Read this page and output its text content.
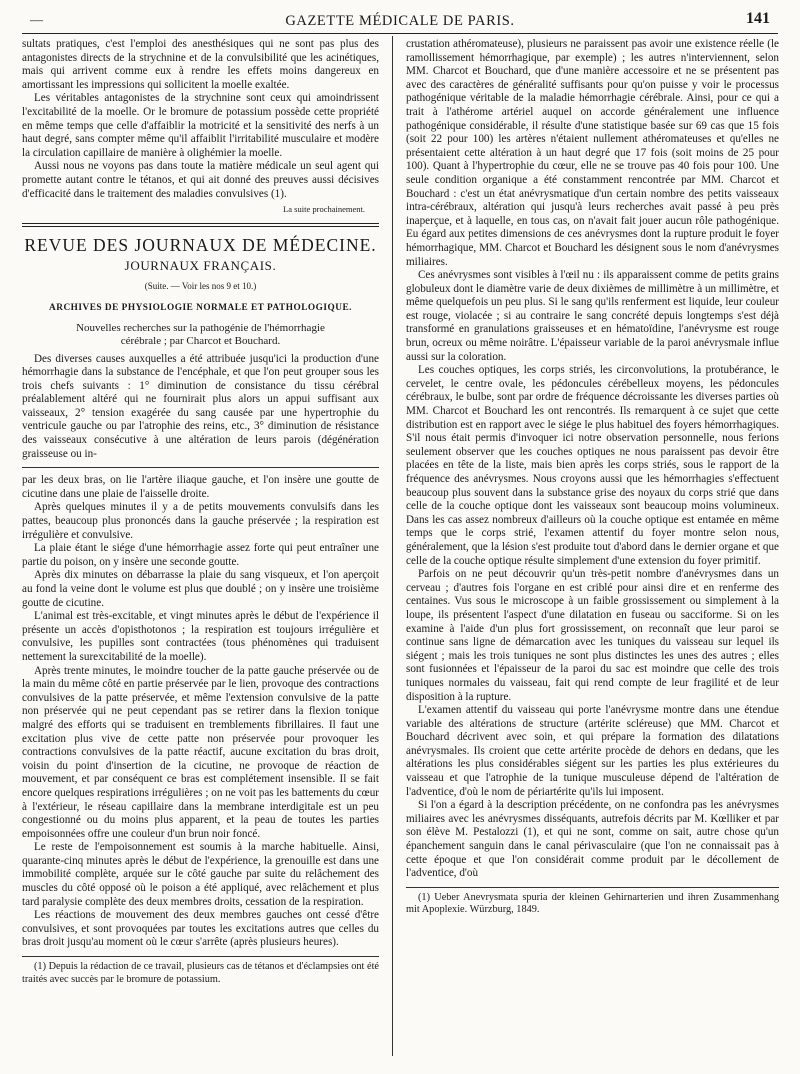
—	GAZETTE MÉDICALE DE PARIS.	141

sultats pratiques, c'est l'emploi des anesthésiques qui ne sont pas plus des antagonistes directs de la strychnine et de la convulsibilité que les acinétiques, mais qui arrivent comme eux à rendre les effets moins dangereux en amortissant les impressions qui sollicitent la moelle exaltée.

Les véritables antagonistes de la strychnine sont ceux qui amoindrissent l'excitabilité de la moelle. Or le bromure de potassium possède cette propriété en même temps que celle d'affaiblir la motricité et la sensitivité des nerfs à un haut degré, sans compter même qu'il affaiblit l'irritabilité musculaire et modère la circulation capillaire de manière à olighémier la moelle.

Aussi nous ne voyons pas dans toute la matière médicale un seul agent qui promette autant contre le tétanos, et qui ait donné des preuves aussi décisives d'efficacité dans le traitement des maladies convulsives (1).

La suite prochainement.
REVUE DES JOURNAUX DE MÉDECINE.
JOURNAUX FRANÇAIS.
(Suite. — Voir les nos 9 et 10.)
ARCHIVES DE PHYSIOLOGIE NORMALE ET PATHOLOGIQUE.
Nouvelles recherches sur la pathogénie de l'hémorrhagie
cérébrale ; par Charcot et Bouchard.

Des diverses causes auxquelles a été attribuée jusqu'ici la production d'une hémorrhagie dans la substance de l'encéphale, et que l'on peut grouper sous les trois chefs suivants : 1° diminution de consistance du tissu cérébral préalablement altéré qui ne fournirait plus alors un appui suffisant aux vaisseaux, 2° tension exagérée du sang causée par une hypertrophie du ventricule gauche ou par l'atrophie des reins, etc., 3° diminution de résistance des vaisseaux consécutive à une altération de leurs parois (dégénération graisseuse ou in-

par les deux bras, on lie l'artère iliaque gauche, et l'on insère une goutte de cicutine dans une plaie de l'aisselle droite.

Après quelques minutes il y a de petits mouvements convulsifs dans les pattes, beaucoup plus prononcés dans la gauche préservée ; la respiration est irrégulière et convulsive.

La plaie étant le siége d'une hémorrhagie assez forte qui peut entraîner une partie du poison, on y insère une seconde goutte.

Après dix minutes on débarrasse la plaie du sang visqueux, et l'on aperçoit au fond la veine dont le volume est plus que doublé ; on y insère une troisième goutte de cicutine.

L'animal est très-excitable, et vingt minutes après le début de l'expérience il présente un accès d'opisthotonos ; la respiration est toujours irrégulière et convulsive, les pupilles sont contractées (tous phénomènes qui traduisent nettement la surexcitabilité de la moelle).

Après trente minutes, le moindre toucher de la patte gauche préservée ou de la main du même côté en partie préservée par le lien, provoque des contractions convulsives de la patte préservée, et même l'extension convulsive de la patte non préservée qui ne peut cependant pas se retirer dans la flexion tonique malgré des efforts qui se traduisent en tremblements fibrillaires. Il faut une excitation plus vive de cette patte non préservée pour provoquer les contractions convulsives de la patte réactif, aucune excitation du bras droit, voisin du point d'insertion de la cicutine, ne provoque de réaction de mouvement, et par conséquent ce bras est complétement insensible. Il se fait encore quelques respirations irrégulières ; on ne voit pas les battements du cœur à l'extérieur, le réseau capillaire dans la membrane interdigitale est un peu congestionné ou du moins plus apparent, et la peau de toutes les parties empoisonnées offre une couleur d'un brun noir foncé.

Le reste de l'empoisonnement est soumis à la marche habituelle. Ainsi, quarante-cinq minutes après le début de l'expérience, la grenouille est dans une immobilité complète, arquée sur le côté gauche par suite du relâchement des muscles du côté opposé où le poison a été appliqué, avec relâchement et plus tard paralysie complète des deux membres droits, cessation de la respiration.

Les réactions de mouvement des deux membres gauches ont cessé d'être convulsives, et sont provoquées par toutes les excitations autres que celles du bras droit jusqu'au moment où le cœur s'arrête (après plusieurs heures).

(1) Depuis la rédaction de ce travail, plusieurs cas de tétanos et d'éclampsies ont été traités avec succès par le bromure de potassium.

crustation athéromateuse), plusieurs ne paraissent pas avoir une existence réelle (le ramollissement hémorrhagique, par exemple) ; les autres n'interviennent, selon MM. Charcot et Bouchard, que d'une manière accessoire et ne se présentent pas avec des caractères de généralité suffisants pour qu'on puisse y voir le processus pathogénique véritable de la maladie hémorrhagie cérébrale. Ainsi, pour ce qui a trait à l'athérome artériel auquel on accorde généralement une influence pathogénique considérable, il résulte d'une statistique basée sur 69 cas que 15 fois (soit 22 pour 100) les artères n'étaient nullement athéromateuses et qu'elles ne présentaient cette altération à un haut degré que 17 fois (soit moins de 25 pour 100). Quant à l'hypertrophie du cœur, elle ne se trouve pas 40 fois pour 100. Une seule condition organique a été constamment rencontrée par MM. Charcot et Bouchard : c'est un état anévrysmatique d'un certain nombre des petits vaisseaux intra-cérébraux, altération qui jusqu'à leurs recherches avait passé à peu près inaperçue, et à laquelle, en tous cas, on n'avait fait jouer aucun rôle pathogénique. Eu égard aux petites dimensions de ces anévrysmes dont la rupture produit le foyer hémorrhagique, MM. Charcot et Bouchard les désignent sous le nom d'anévrysmes miliaires.

Ces anévrysmes sont visibles à l'œil nu : ils apparaissent comme de petits grains globuleux dont le diamètre varie de deux dixièmes de millimètre à un millimètre, et même quelquefois un peu plus. Si le sang qu'ils renferment est liquide, leur couleur est rouge, violacée ; si au contraire le sang concrété depuis longtemps s'est déjà transformé en granulations graisseuses et en hématoïdine, l'anévrysme est rouge brun, ocreux ou même noirâtre. L'épaisseur variable de la paroi anévrysmale influe aussi sur la coloration.

Les couches optiques, les corps striés, les circonvolutions, la protubérance, le cervelet, le centre ovale, les pédoncules cérébelleux moyens, les pédoncules cérébraux, le bulbe, sont par ordre de fréquence décroissante les diverses parties où MM. Charcot et Bouchard les ont rencontrés. Ils remarquent à ce sujet que cette distribution est en rapport avec le siége le plus habituel des foyers hémorrhagiques. S'il nous était permis d'invoquer ici notre observation personnelle, nous ferions seulement observer que les couches optiques ne nous paraissent pas devoir être placées en tête de la liste, mais bien après les corps striés, sous le rapport de la fréquence des anévrysmes. Nous croyons aussi que les hémorrhagies s'effectuent beaucoup plus souvent dans la substance grise des noyaux du corps strié que dans celle de la couche optique dont les vaisseaux sont beaucoup moins volumineux. Dans les cas assez nombreux d'ailleurs où la couche optique est entamée en même temps que le corps strié, l'examen attentif du foyer montre selon nous, généralement, que la lésion s'est produite tout d'abord dans le dernier organe et que celle de la couche optique résulte simplement d'une extension du foyer primitif.

Parfois on ne peut découvrir qu'un très-petit nombre d'anévrysmes dans un cerveau ; d'autres fois l'organe en est criblé pour ainsi dire et en renferme des centaines. Vus sous le microscope à un faible grossissement ou simplement à la loupe, ils présentent l'aspect d'une dilatation en fuseau ou sacciforme. Si on les examine à l'aide d'un plus fort grossissement, on reconnaît que leur paroi se continue sans ligne de démarcation avec les tuniques du vaisseau sur lequel ils siégent ; mais les trois tuniques ne sont plus distinctes les unes des autres ; elles sont fusionnées et l'épaisseur de la paroi du sac est moindre que celle des trois tuniques normales du vaisseau, fait qui rend compte de leur fragilité et de leur disposition à la rupture.

L'examen attentif du vaisseau qui porte l'anévrysme montre dans une étendue variable des altérations de structure (artérite scléreuse) que MM. Charcot et Bouchard décrivent avec soin, et qui prépare la formation des dilatations anévrysmales. Ils croient que cette artérite procède de dehors en dedans, que les altérations les plus considérables siégent sur les parties les plus extérieures du vaisseau et que l'atrophie de la tunique musculeuse dépend de l'altération de l'adventice, d'où le nom de périartérite qu'ils lui imposent.

Si l'on a égard à la description précédente, on ne confondra pas les anévrysmes miliaires avec les anévrysmes disséquants, autrefois décrits par M. Kœlliker et par son élève M. Pestalozzi (1), et qui ne sont, comme on sait, autre chose qu'un épanchement sanguin dans le canal périvasculaire (que l'on ne connaissait pas à cette époque et que l'on considérait comme produit par le décollement de l'adventice, d'où

(1) Ueber Anevrysmata spuria der kleinen Gehirnarterien und ihren Zusammenhang mit Apoplexie. Würzburg, 1849.
